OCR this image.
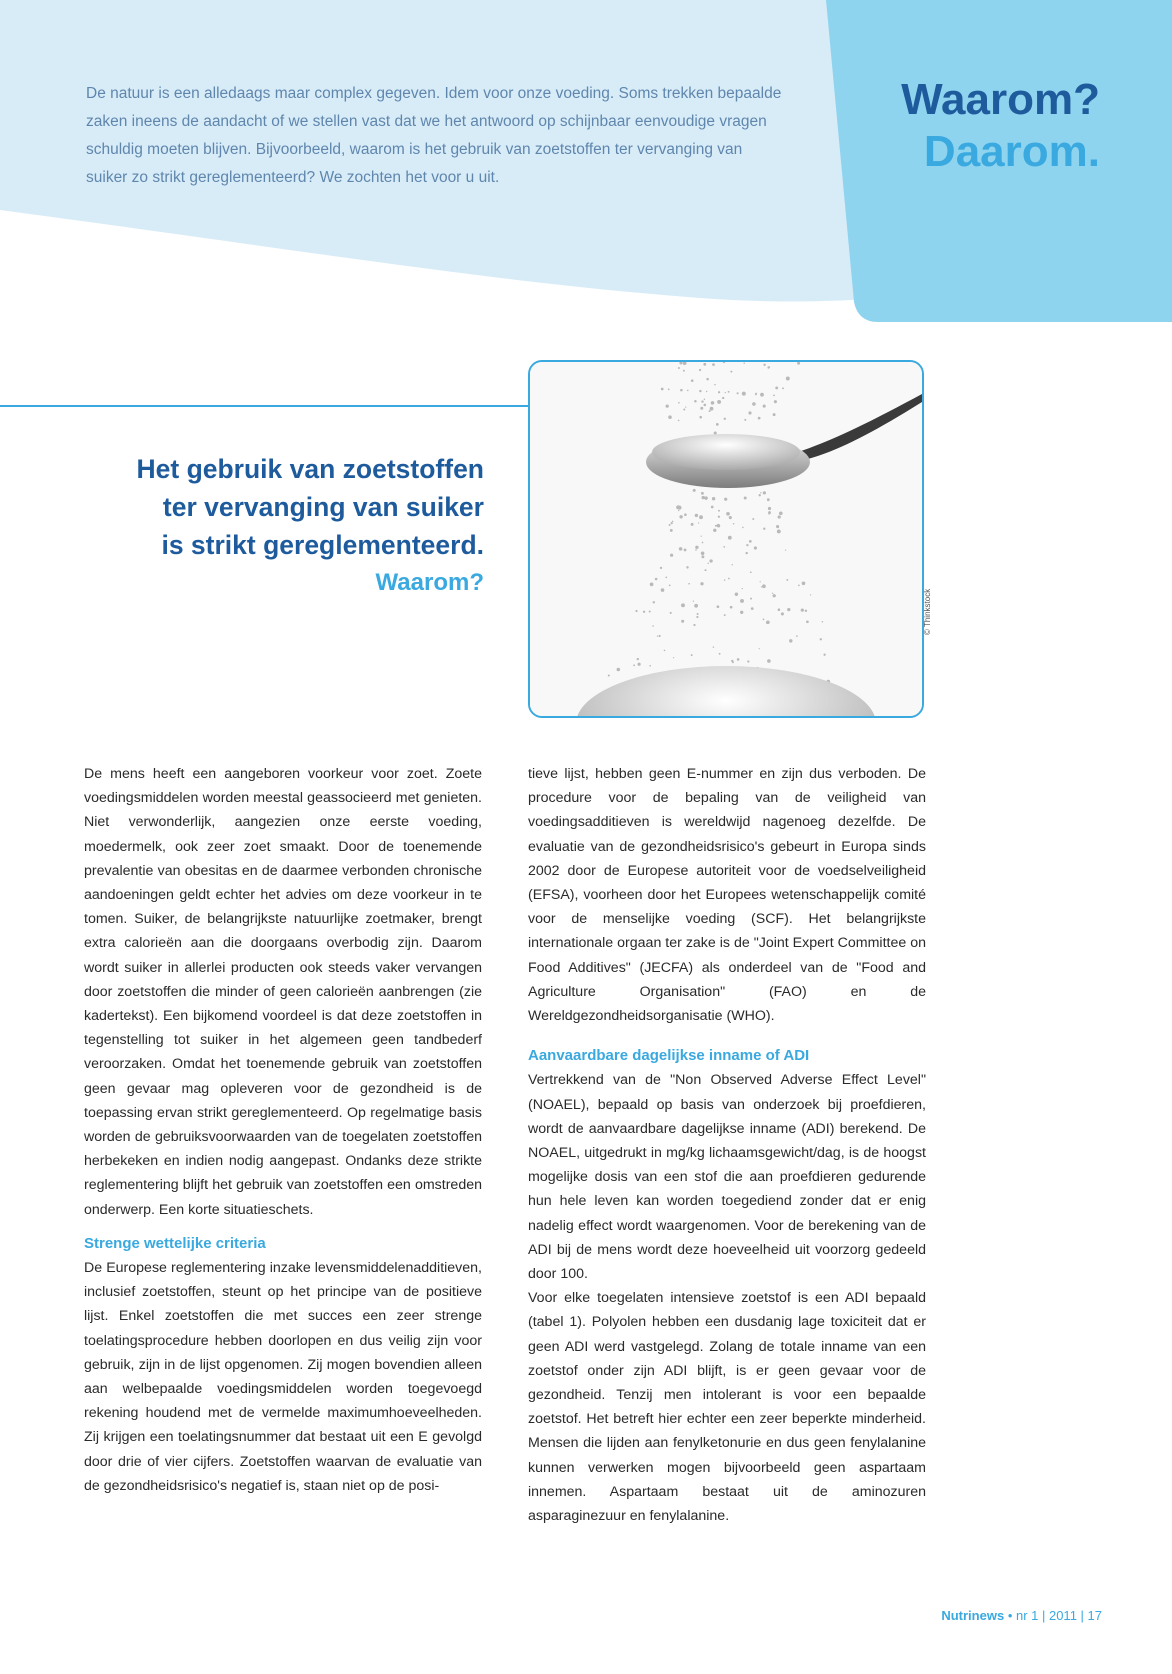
De natuur is een alledaags maar complex gegeven. Idem voor onze voeding. Soms trekken bepaalde zaken ineens de aandacht of we stellen vast dat we het antwoord op schijnbaar eenvoudige vragen schuldig moeten blijven. Bijvoorbeeld, waarom is het gebruik van zoetstoffen ter vervanging van suiker zo strikt gereglementeerd? We zochten het voor u uit.

Waarom?
Daarom.
Het gebruik van zoetstoffen
ter vervanging van suiker
is strikt gereglementeerd.
Waarom?
© Thinkstock

De mens heeft een aangeboren voorkeur voor zoet. Zoete voedingsmiddelen worden meestal geassocieerd met genieten. Niet verwonderlijk, aangezien onze eerste voeding, moedermelk, ook zeer zoet smaakt. Door de toenemende prevalentie van obesitas en de daarmee verbonden chronische aandoeningen geldt echter het advies om deze voorkeur in te tomen. Suiker, de belangrijkste natuurlijke zoetmaker, brengt extra calorieën aan die doorgaans overbodig zijn. Daarom wordt suiker in allerlei producten ook steeds vaker vervangen door zoetstoffen die minder of geen calorieën aanbrengen (zie kadertekst). Een bijkomend voordeel is dat deze zoetstoffen in tegenstelling tot suiker in het algemeen geen tandbederf veroorzaken. Omdat het toenemende gebruik van zoetstoffen geen gevaar mag opleveren voor de gezondheid is de toepassing ervan strikt gereglementeerd. Op regelmatige basis worden de gebruiksvoorwaarden van de toegelaten zoetstoffen herbekeken en indien nodig aangepast. Ondanks deze strikte reglementering blijft het gebruik van zoetstoffen een omstreden onderwerp. Een korte situatieschets.

Strenge wettelijke criteria

De Europese reglementering inzake levensmiddelenadditieven, inclusief zoetstoffen, steunt op het principe van de positieve lijst. Enkel zoetstoffen die met succes een zeer strenge toelatingsprocedure hebben doorlopen en dus veilig zijn voor gebruik, zijn in de lijst opgenomen. Zij mogen bovendien alleen aan welbepaalde voedingsmiddelen worden toegevoegd rekening houdend met de vermelde maximumhoeveelheden. Zij krijgen een toelatingsnummer dat bestaat uit een E gevolgd door drie of vier cijfers. Zoetstoffen waarvan de evaluatie van de gezondheidsrisico's negatief is, staan niet op de posi-

tieve lijst, hebben geen E-nummer en zijn dus verboden. De procedure voor de bepaling van de veiligheid van voedingsadditieven is wereldwijd nagenoeg dezelfde. De evaluatie van de gezondheidsrisico's gebeurt in Europa sinds 2002 door de Europese autoriteit voor de voedselveiligheid (EFSA), voorheen door het Europees wetenschappelijk comité voor de menselijke voeding (SCF). Het belangrijkste internationale orgaan ter zake is de "Joint Expert Committee on Food Additives" (JECFA) als onderdeel van de "Food and Agriculture Organisation" (FAO) en de Wereldgezondheidsorganisatie (WHO).

Aanvaardbare dagelijkse inname of ADI

Vertrekkend van de "Non Observed Adverse Effect Level" (NOAEL), bepaald op basis van onderzoek bij proefdieren, wordt de aanvaardbare dagelijkse inname (ADI) berekend. De NOAEL, uitgedrukt in mg/kg lichaamsgewicht/dag, is de hoogst mogelijke dosis van een stof die aan proefdieren gedurende hun hele leven kan worden toegediend zonder dat er enig nadelig effect wordt waargenomen. Voor de berekening van de ADI bij de mens wordt deze hoeveelheid uit voorzorg gedeeld door 100.

Voor elke toegelaten intensieve zoetstof is een ADI bepaald (tabel 1). Polyolen hebben een dusdanig lage toxiciteit dat er geen ADI werd vastgelegd. Zolang de totale inname van een zoetstof onder zijn ADI blijft, is er geen gevaar voor de gezondheid. Tenzij men intolerant is voor een bepaalde zoetstof. Het betreft hier echter een zeer beperkte minderheid. Mensen die lijden aan fenylketonurie en dus geen fenylalanine kunnen verwerken mogen bijvoorbeeld geen aspartaam innemen. Aspartaam bestaat uit de aminozuren asparaginezuur en fenylalanine.

Nutrinews • nr 1 | 2011 | 17
